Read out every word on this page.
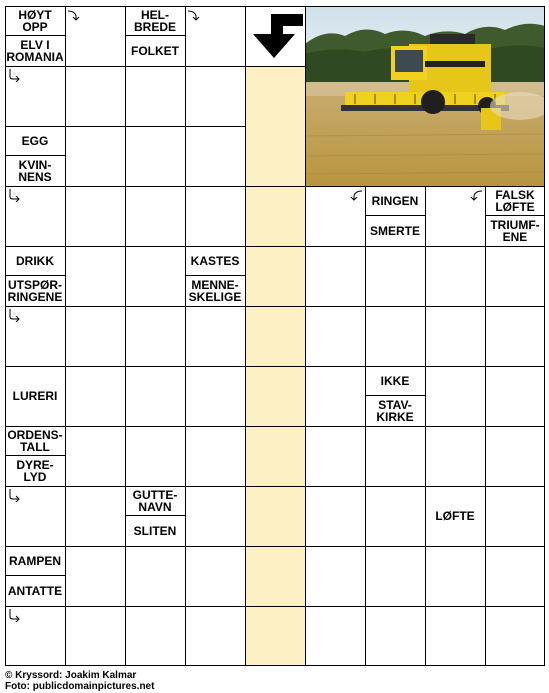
HØYT
OPP
ELV I
ROMANIA
HEL-
BREDE
FOLKET
EGG
KVIN-
NENS
RINGEN
SMERTE
FALSK
LØFTE
TRIUMF-
ENE
DRIKK
UTSPØR-
RINGENE
KASTES
MENNE-
SKELIGE
LURERI
IKKE
STAV-
KIRKE
ORDENS-
TALL
DYRE-
LYD
GUTTE-
NAVN
SLITEN
LØFTE
RAMPEN
ANTATTE
© Kryssord: Joakim Kalmar
Foto: publicdomainpictures.net
